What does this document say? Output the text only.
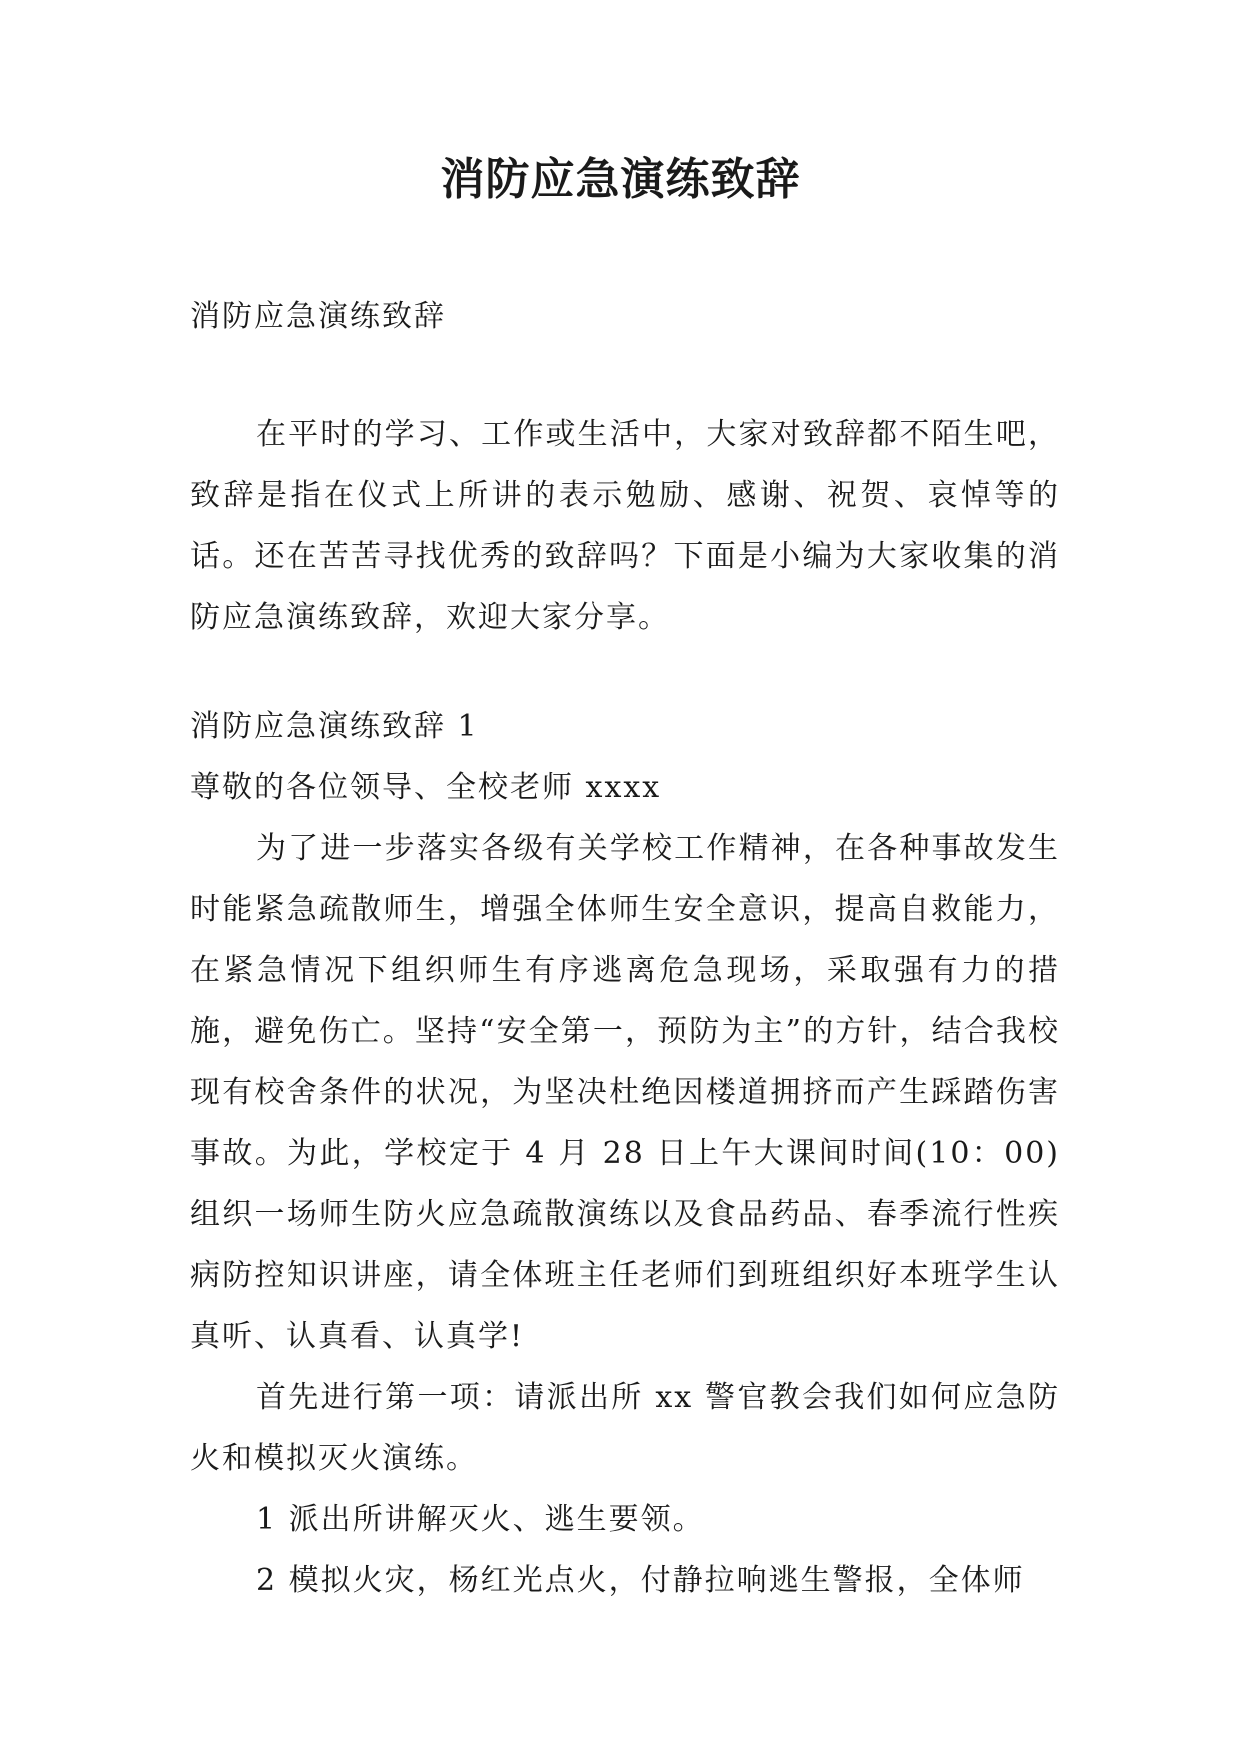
消防应急演练致辞
消防应急演练致辞
在平时的学习、工作或生活中，大家对致辞都不陌生吧，致辞是指在仪式上所讲的表示勉励、感谢、祝贺、哀悼等的话。还在苦苦寻找优秀的致辞吗？下面是小编为大家收集的消防应急演练致辞，欢迎大家分享。

消防应急演练致辞 1

尊敬的各位领导、全校老师 xxxx

为了进一步落实各级有关学校工作精神，在各种事故发生时能紧急疏散师生，增强全体师生安全意识，提高自救能力，在紧急情况下组织师生有序逃离危急现场，采取强有力的措施，避免伤亡。坚持“安全第一，预防为主”的方针，结合我校现有校舍条件的状况，为坚决杜绝因楼道拥挤而产生踩踏伤害事故。为此，学校定于 4 月 28 日上午大课间时间(10：00)组织一场师生防火应急疏散演练以及食品药品、春季流行性疾病防控知识讲座，请全体班主任老师们到班组织好本班学生认真听、认真看、认真学!

首先进行第一项：请派出所 xx 警官教会我们如何应急防火和模拟灭火演练。

1 派出所讲解灭火、逃生要领。

2 模拟火灾，杨红光点火，付静拉响逃生警报，全体师
